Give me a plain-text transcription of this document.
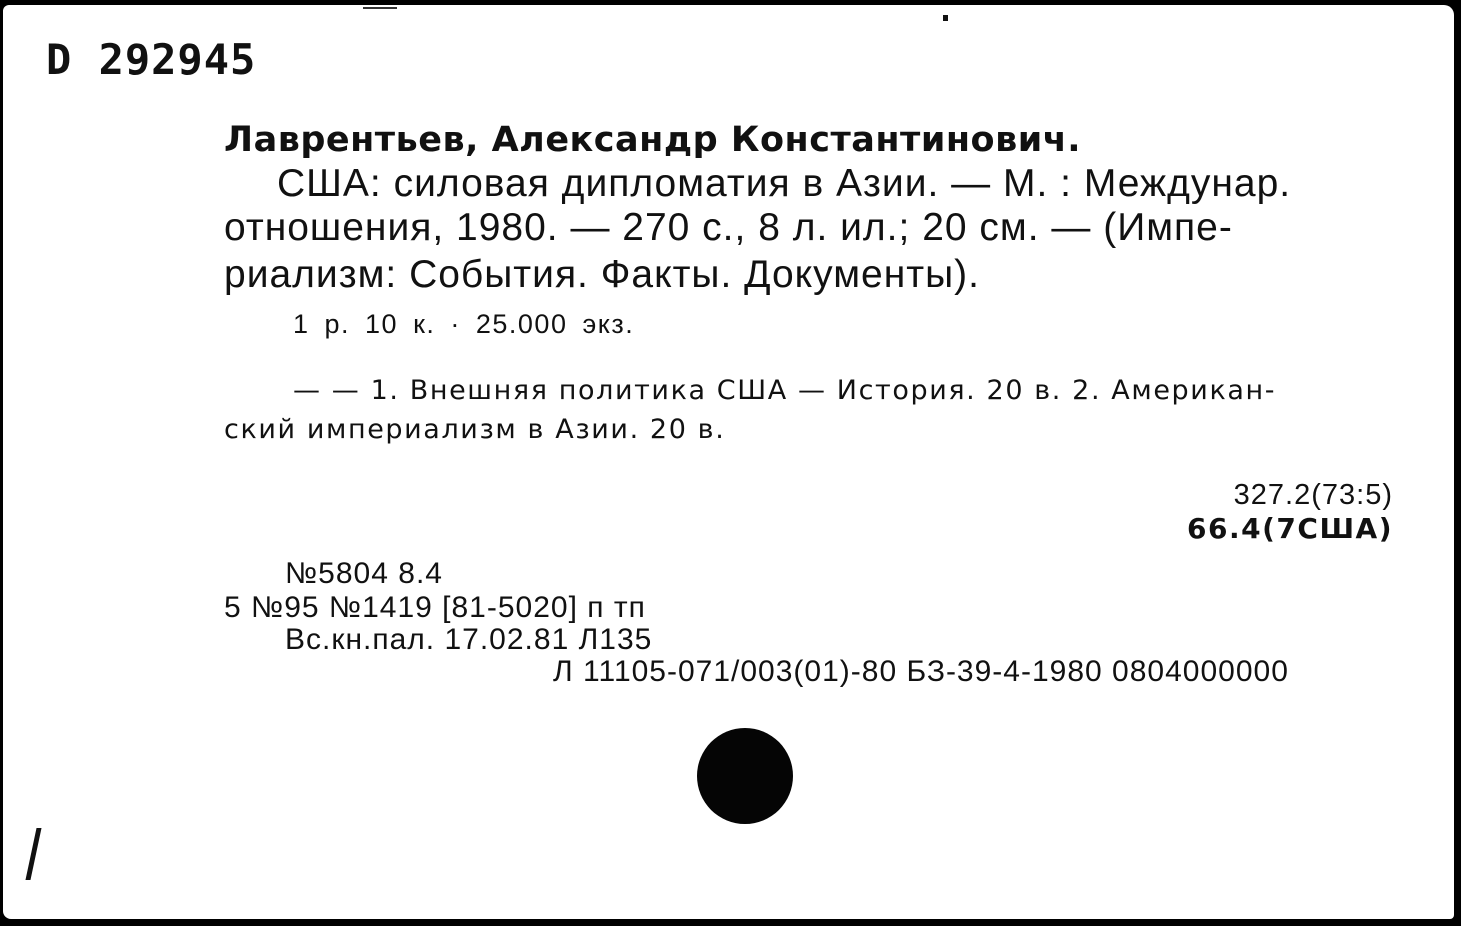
D 292945
Лаврентьев, Александр Константинович.
США: силовая дипломатия в Азии. — М. : Междунар.
отношения, 1980. — 270 с., 8 л. ил.; 20 см. — (Импе-
риализм: События. Факты. Документы).
1 р. 10 к. · 25.000 экз.
— — 1. Внешняя политика США — История. 20 в. 2. Американ-
ский империализм в Азии. 20 в.
327.2(73:5)
66.4(7США)
№5804 8.4
5 №95 №1419 [81-5020] п тп
Вс.кн.пал. 17.02.81 Л135
Л 11105-071/003(01)-80 БЗ-39-4-1980 0804000000
